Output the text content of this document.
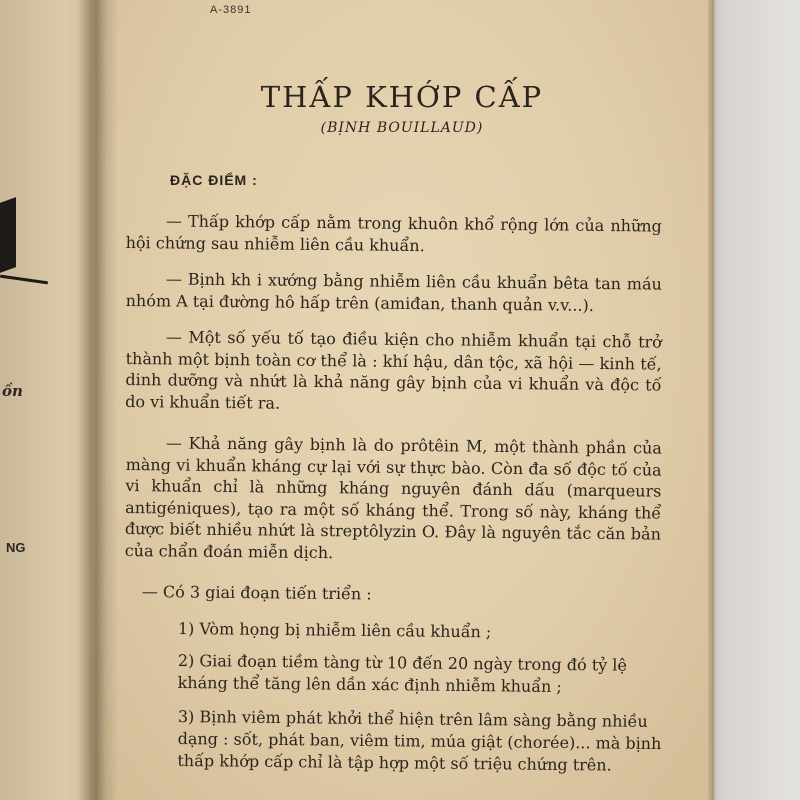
ồn
NG
A-3891
THẤP KHỚP CẤP
(BỊNH BOUILLAUD)
ĐẶC ĐIỂM :
— Thấp khớp cấp nằm trong khuôn khổ rộng lớn của những hội chứng sau nhiễm liên cầu khuẩn.
— Bịnh kh i xướng bằng nhiễm liên cầu khuẩn bêta tan máu nhóm A tại đường hô hấp trên (amiđan, thanh quản v.v...).
— Một số yếu tố tạo điều kiện cho nhiễm khuẩn tại chỗ trở thành một bịnh toàn cơ thể là : khí hậu, dân tộc, xã hội — kinh tế, dinh dưỡng và nhứt là khả năng gây bịnh của vi khuẩn và độc tố do vi khuẩn tiết ra.
— Khả năng gây bịnh là do prôtêin M, một thành phần của màng vi khuẩn kháng cự lại với sự thực bào. Còn đa số độc tố của vi khuẩn chỉ là những kháng nguyên đánh dấu (marqueurs antigéniques), tạo ra một số kháng thể. Trong số này, kháng thể được biết nhiều nhứt là streptôlyzin O. Đây là nguyên tắc căn bản của chẩn đoán miễn dịch.
— Có 3 giai đoạn tiến triển :
1) Vòm họng bị nhiễm liên cầu khuẩn ;
2) Giai đoạn tiềm tàng từ 10 đến 20 ngày trong đó tỷ lệ kháng thể tăng lên dần xác định nhiễm khuẩn ;
3) Bịnh viêm phát khởi thể hiện trên lâm sàng bằng nhiều dạng : sốt, phát ban, viêm tim, múa giật (chorée)... mà bịnh thấp khớp cấp chỉ là tập hợp một số triệu chứng trên.
